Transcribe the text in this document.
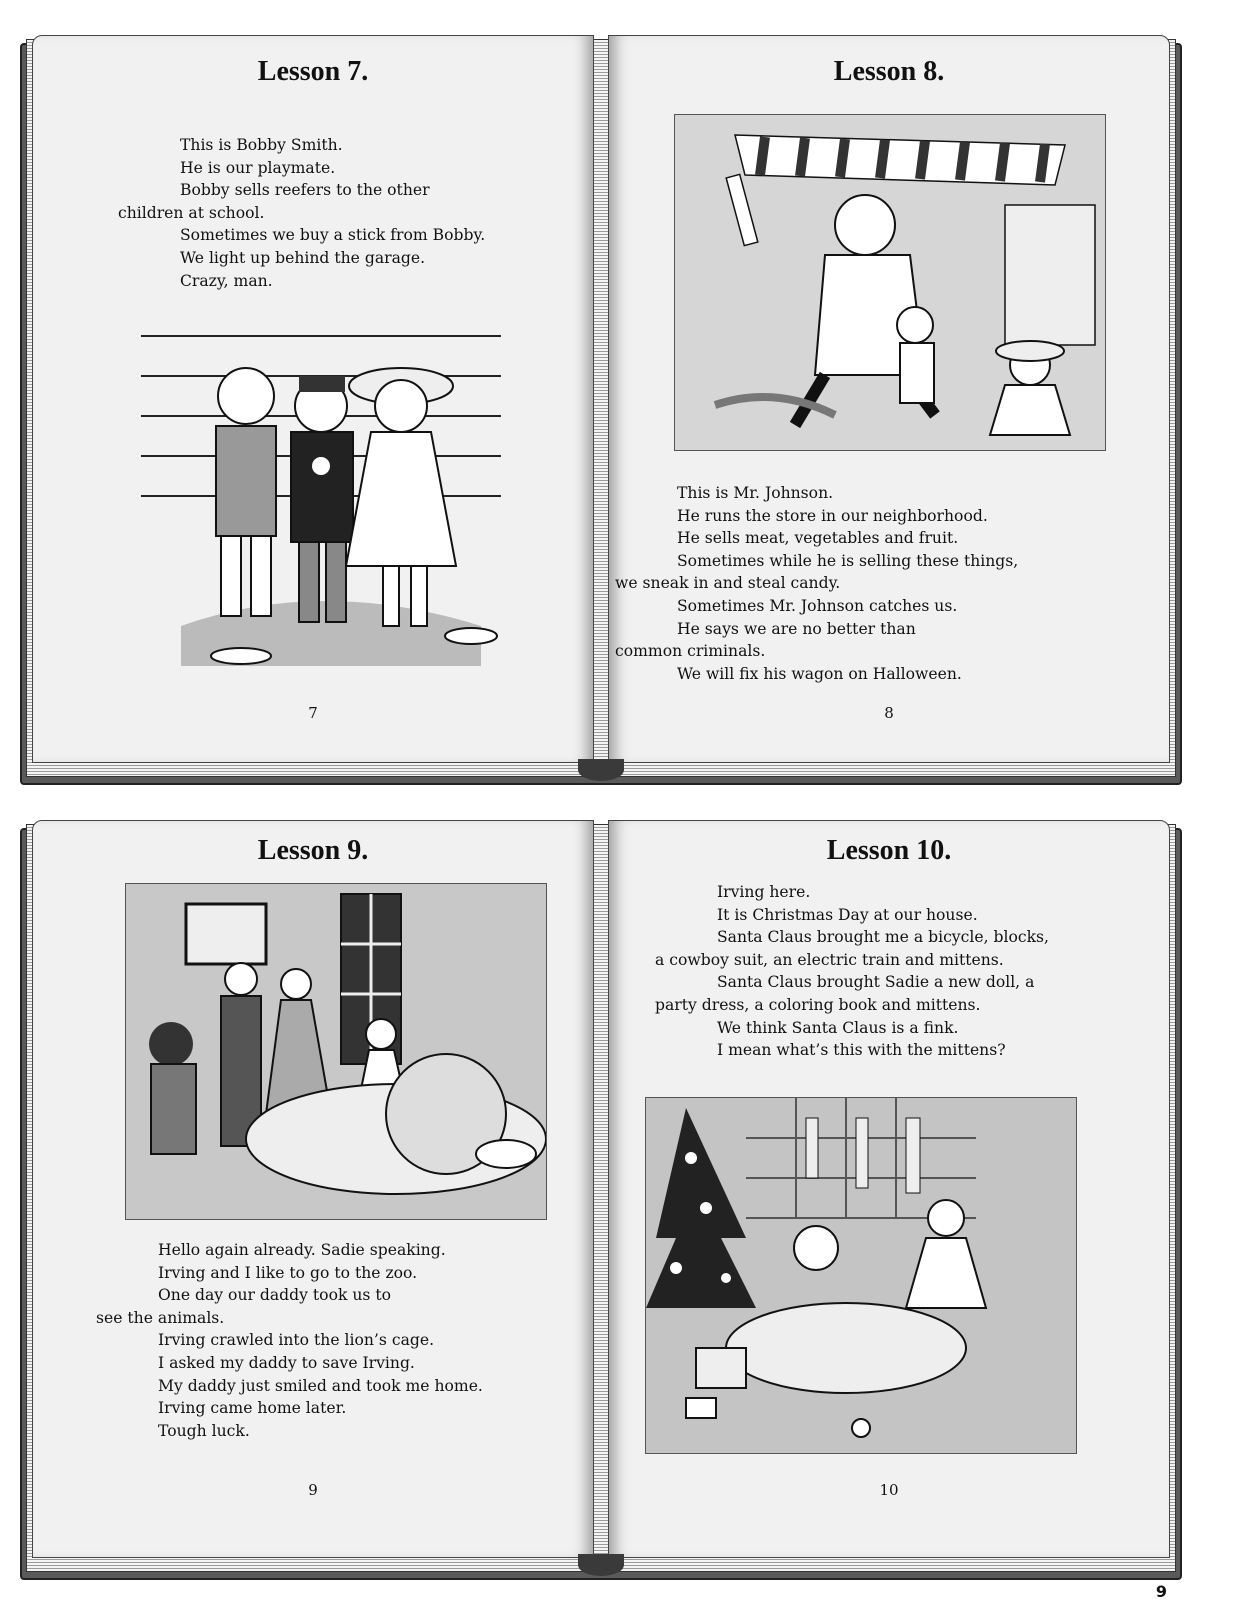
Lesson 7.

This is Bobby Smith.

He is our playmate.

Bobby sells reefers to the other

children at school.

Sometimes we buy a stick from Bobby.

We light up behind the garage.

Crazy, man.

7
Lesson 8.

This is Mr. Johnson.

He runs the store in our neighborhood.

He sells meat, vegetables and fruit.

Sometimes while he is selling these things,

we sneak in and steal candy.

Sometimes Mr. Johnson catches us.

He says we are no better than

common criminals.

We will fix his wagon on Halloween.

8
Lesson 9.

Hello again already. Sadie speaking.

Irving and I like to go to the zoo.

One day our daddy took us to

see the animals.

Irving crawled into the lion’s cage.

I asked my daddy to save Irving.

My daddy just smiled and took me home.

Irving came home later.

Tough luck.

9
Lesson 10.

Irving here.

It is Christmas Day at our house.

Santa Claus brought me a bicycle, blocks,

a cowboy suit, an electric train and mittens.

Santa Claus brought Sadie a new doll, a

party dress, a coloring book and mittens.

We think Santa Claus is a fink.

I mean what’s this with the mittens?

10
9
